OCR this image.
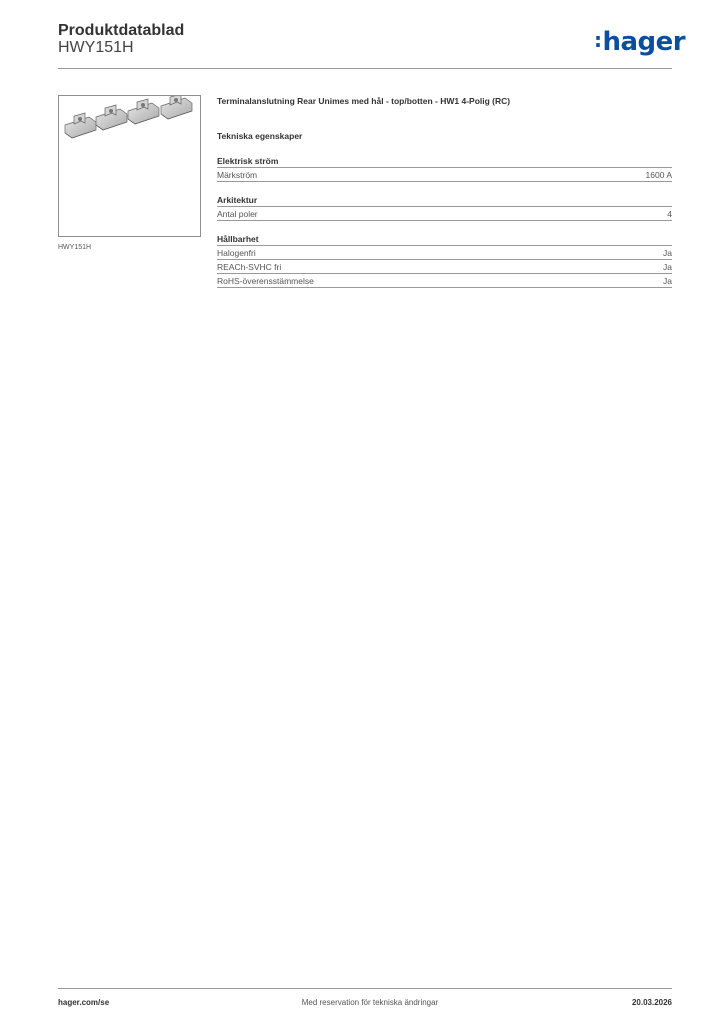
Produktdatablad
HWY151H	:hager
HWY151H
Terminalanslutning Rear Unimes med hål - top/botten - HW1 4-Polig (RC)
Tekniska egenskaper
Elektrisk ström
Märkström	1600 A
Arkitektur
Antal poler	4
Hållbarhet
Halogenfri	Ja
REACh-SVHC fri	Ja
RoHS-överensstämmelse	Ja
hager.com/se	Med reservation för tekniska ändringar	20.03.2026
